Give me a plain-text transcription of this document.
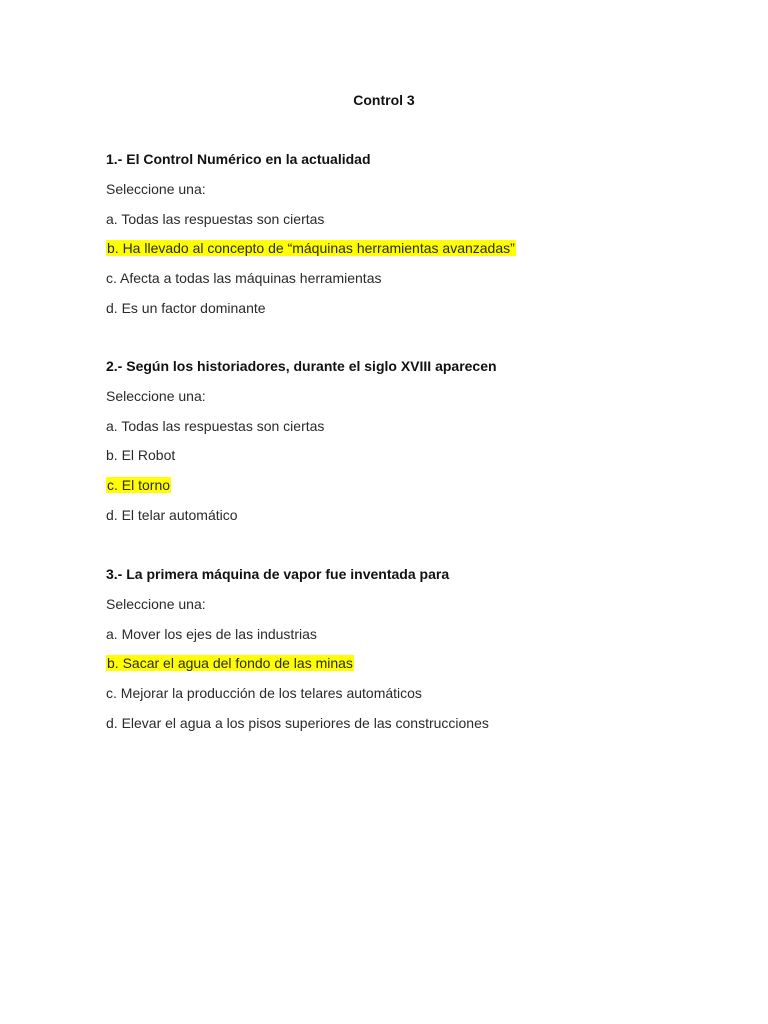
Control 3
1.- El Control Numérico en la actualidad
Seleccione una:
a. Todas las respuestas son ciertas
b. Ha llevado al concepto de “máquinas herramientas avanzadas”
c. Afecta a todas las máquinas herramientas
d. Es un factor dominante
2.- Según los historiadores, durante el siglo XVIII aparecen
Seleccione una:
a. Todas las respuestas son ciertas
b. El Robot
c. El torno
d. El telar automático
3.- La primera máquina de vapor fue inventada para
Seleccione una:
a. Mover los ejes de las industrias
b. Sacar el agua del fondo de las minas
c. Mejorar la producción de los telares automáticos
d. Elevar el agua a los pisos superiores de las construcciones
